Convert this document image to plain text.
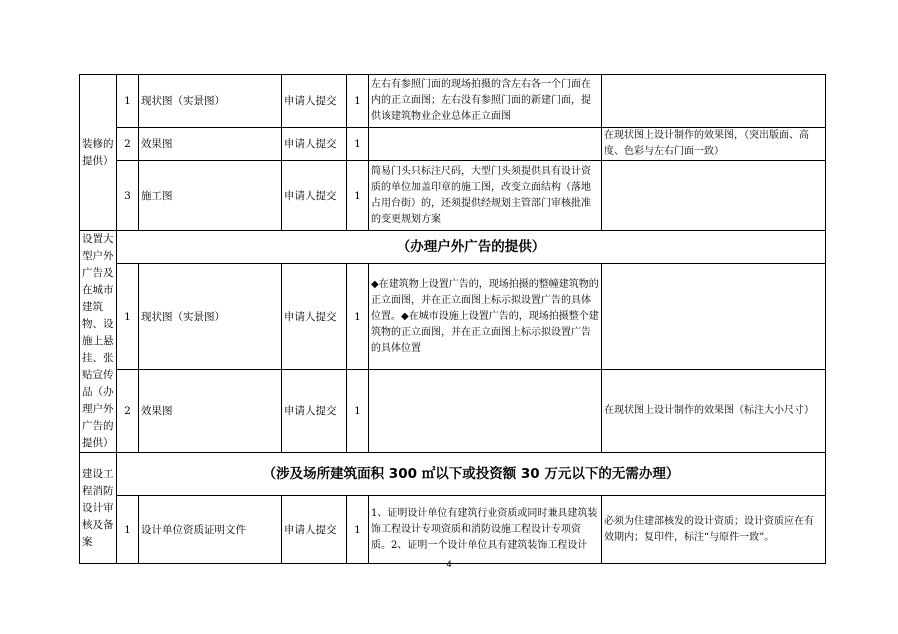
装修的提供）	1	现状图（实景图）	申请人提交	1	左右有参照门面的现场拍摄的含左右各一个门面在内的正立面图；左右没有参照门面的新建门面，提供该建筑物业企业总体正立面图	
	2	效果图	申请人提交	1		在现状图上设计制作的效果图，（突出版面、高度、色彩与左右门面一致）
	3	施工图	申请人提交	1	简易门头只标注尺码，大型门头须提供具有设计资质的单位加盖印章的施工图，改变立面结构（落地占用台街）的，还须提供经规划主管部门审核批准的变更规划方案	
设置大型户外广告及在城市建筑物、设施上悬挂、张贴宣传品（办理户外广告的提供）	（办理户外广告的提供）					
	1	现状图（实景图）	申请人提交	1	◆在建筑物上设置广告的，现场拍摄的整幢建筑物的正立面图，并在正立面图上标示拟设置广告的具体位置。◆在城市设施上设置广告的，现场拍摄整个建筑物的正立面图，并在正立面图上标示拟设置广告的具体位置	
	2	效果图	申请人提交	1		在现状图上设计制作的效果图（标注大小尺寸）
建设工程消防设计审核及备案	（涉及场所建筑面积 300 ㎡以下或投资额 30 万元以下的无需办理）					
	1	设计单位资质证明文件	申请人提交	1	1、证明设计单位有建筑行业资质或同时兼具建筑装饰工程设计专项资质和消防设施工程设计专项资质。2、证明一个设计单位具有建筑装饰工程设计	必须为住建部核发的设计资质；设计资质应在有效期内；复印件，标注“与原件一致”。
4
